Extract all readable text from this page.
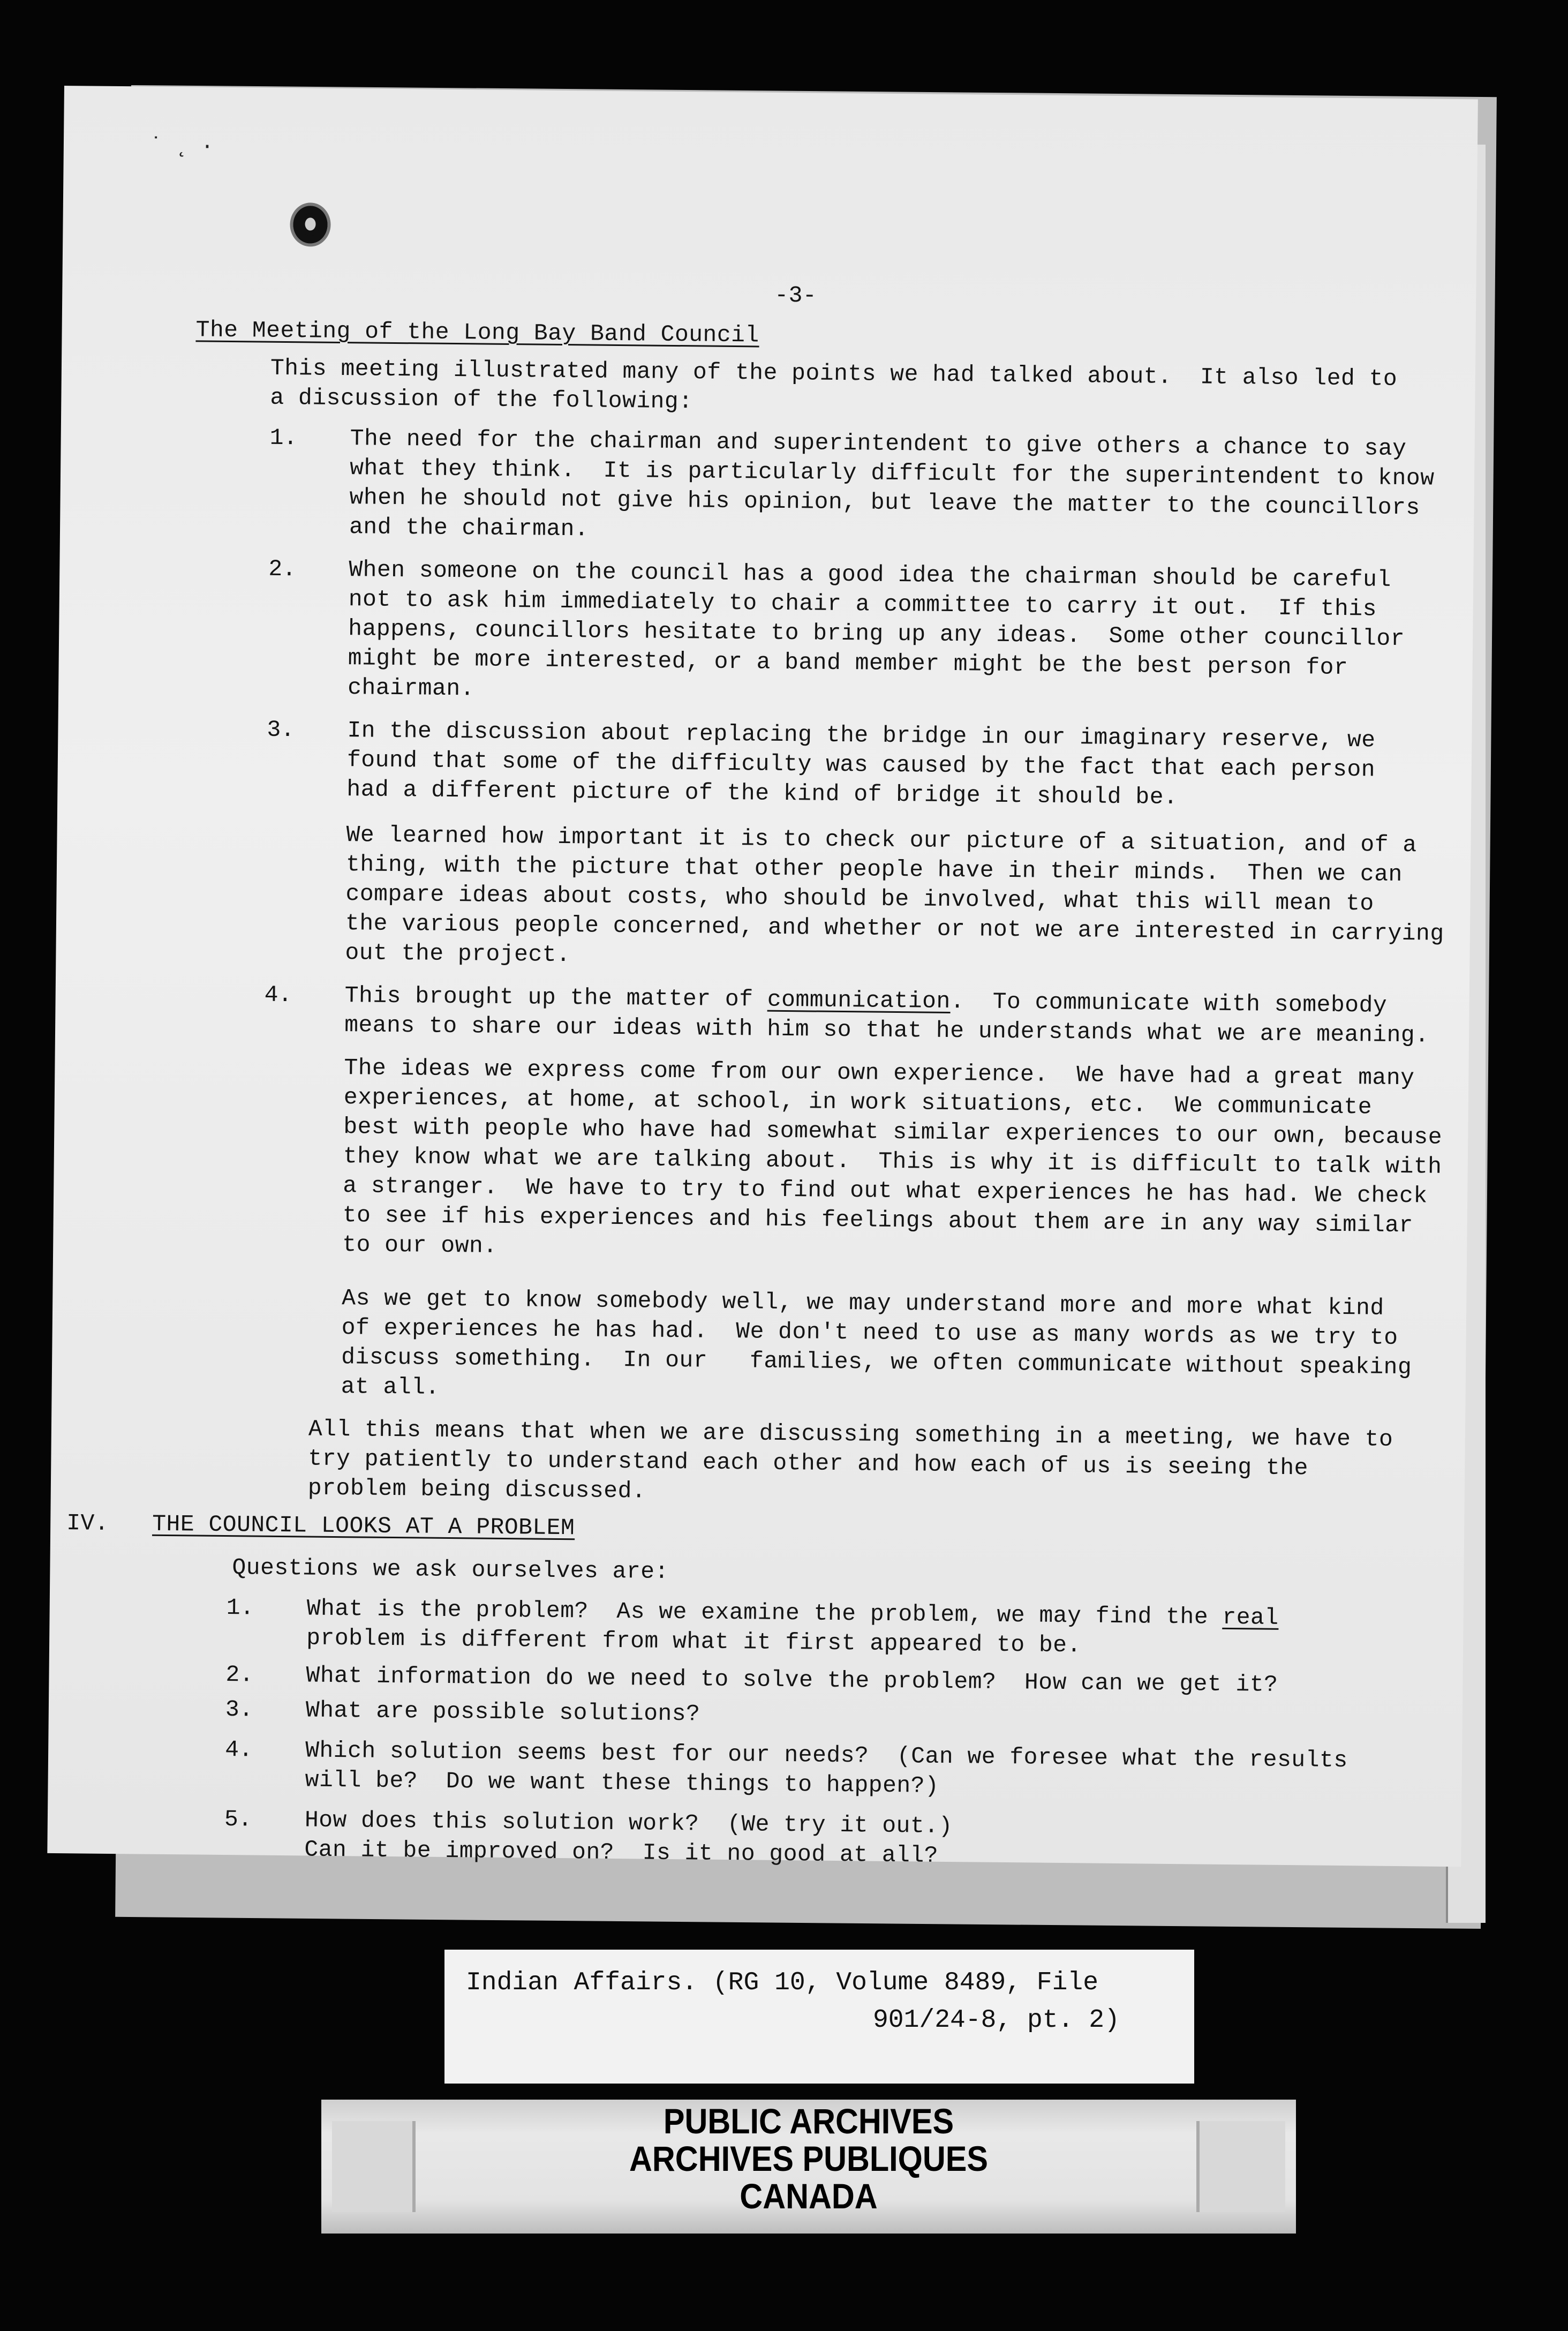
˙ ˛ ·
-3-
The Meeting of the Long Bay Band Council
This meeting illustrated many of the points we had talked about.  It also led to
a discussion of the following:
1. The need for the chairman and superintendent to give others a chance to say
what they think.  It is particularly difficult for the superintendent to know
when he should not give his opinion, but leave the matter to the councillors
and the chairman.
2. When someone on the council has a good idea the chairman should be careful
not to ask him immediately to chair a committee to carry it out.  If this
happens, councillors hesitate to bring up any ideas.  Some other councillor
might be more interested, or a band member might be the best person for
chairman.
3. In the discussion about replacing the bridge in our imaginary reserve, we
found that some of the difficulty was caused by the fact that each person
had a different picture of the kind of bridge it should be.
We learned how important it is to check our picture of a situation, and of a
thing, with the picture that other people have in their minds.  Then we can
compare ideas about costs, who should be involved, what this will mean to
the various people concerned, and whether or not we are interested in carrying
out the project.
4. This brought up the matter of communication.  To communicate with somebody
means to share our ideas with him so that he understands what we are meaning.
The ideas we express come from our own experience.  We have had a great many
experiences, at home, at school, in work situations, etc.  We communicate
best with people who have had somewhat similar experiences to our own, because
they know what we are talking about.  This is why it is difficult to talk with
a stranger.  We have to try to find out what experiences he has had. We check
to see if his experiences and his feelings about them are in any way similar
to our own.
As we get to know somebody well, we may understand more and more what kind
of experiences he has had.  We don't need to use as many words as we try to
discuss something.  In our   families, we often communicate without speaking
at all.
All this means that when we are discussing something in a meeting, we have to
try patiently to understand each other and how each of us is seeing the
problem being discussed.
IV. THE COUNCIL LOOKS AT A PROBLEM
Questions we ask ourselves are:
1. What is the problem?  As we examine the problem, we may find the real
problem is different from what it first appeared to be.
2. What information do we need to solve the problem?  How can we get it?
3. What are possible solutions?
4. Which solution seems best for our needs?  (Can we foresee what the results
will be?  Do we want these things to happen?)
5. How does this solution work?  (We try it out.)
Can it be improved on?  Is it no good at all?
Indian Affairs. (RG 10, Volume 8489, File
901/24-8, pt. 2)
PUBLIC ARCHIVES
ARCHIVES PUBLIQUES
CANADA
